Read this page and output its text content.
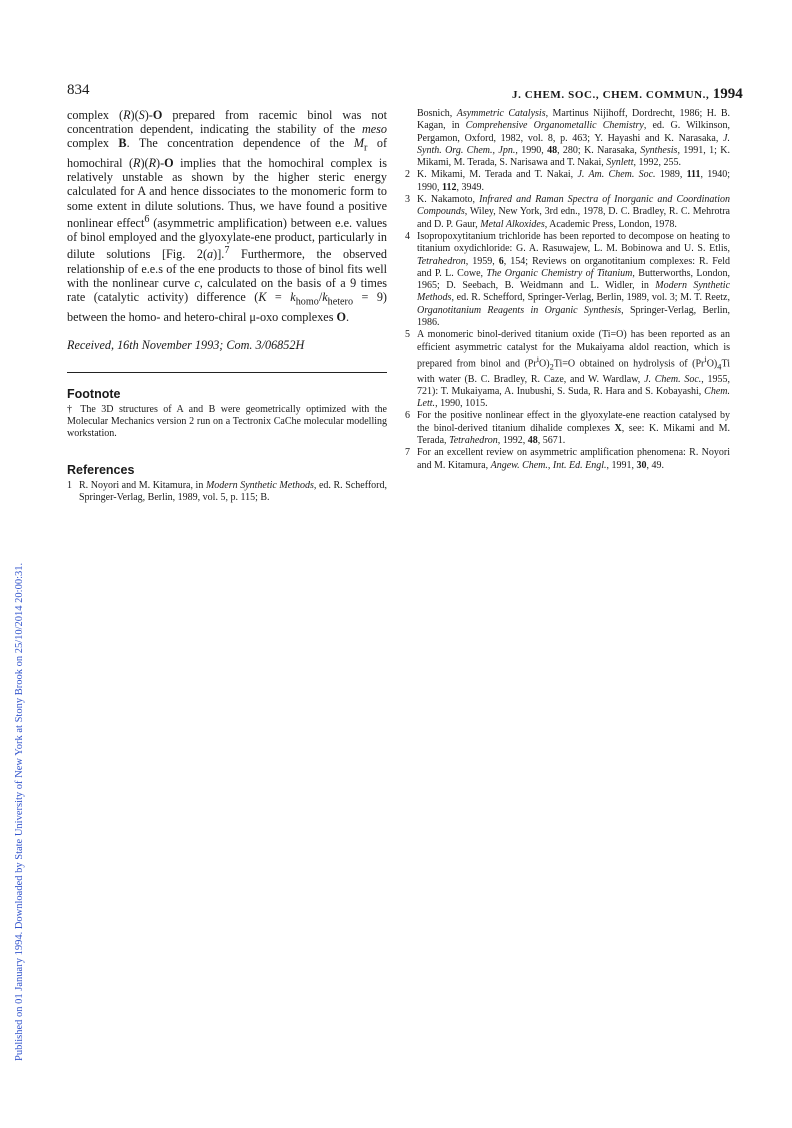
Published on 01 January 1994. Downloaded by State University of New York at Stony Brook on 25/10/2014 20:00:31.
834	J. CHEM. SOC., CHEM. COMMUN., 1994

complex (R)(S)-O prepared from racemic binol was not concentration dependent, indicating the stability of the meso complex B. The concentration dependence of the $M_r$ of homochiral (R)(R)-O implies that the homochiral complex is relatively unstable as shown by the higher steric energy calculated for A and hence dissociates to the monomeric form to some extent in dilute solutions. Thus, we have found a positive nonlinear effect$^6$ (asymmetric amplification) between e.e. values of binol employed and the glyoxylate-ene product, particularly in dilute solutions [Fig. 2(a)].$^7$ Furthermore, the observed relationship of e.e.s of the ene products to those of binol fits well with the nonlinear curve c, calculated on the basis of a 9 times rate (catalytic activity) difference $(K = k_{homo}/k_{hetero} = 9)$ between the homo- and hetero-chiral μ-oxo complexes O.

Received, 16th November 1993; Com. 3/06852H

Footnote

† The 3D structures of A and B were geometrically optimized with the Molecular Mechanics version 2 run on a Tectronix CaChe molecular modelling workstation.

References
1 R. Noyori and M. Kitamura, in Modern Synthetic Methods, ed. R. Schefford, Springer-Verlag, Berlin, 1989, vol. 5, p. 115; B.
Bosnich, Asymmetric Catalysis, Martinus Nijihoff, Dordrecht, 1986; H. B. Kagan, in Comprehensive Organometallic Chemistry, ed. G. Wilkinson, Pergamon, Oxford, 1982, vol. 8, p. 463; Y. Hayashi and K. Narasaka, J. Synth. Org. Chem., Jpn., 1990, 48, 280; K. Narasaka, Synthesis, 1991, 1; K. Mikami, M. Terada, S. Narisawa and T. Nakai, Synlett, 1992, 255.
2 K. Mikami, M. Terada and T. Nakai, J. Am. Chem. Soc. 1989, 111, 1940; 1990, 112, 3949.
3 K. Nakamoto, Infrared and Raman Spectra of Inorganic and Coordination Compounds, Wiley, New York, 3rd edn., 1978, D. C. Bradley, R. C. Mehrotra and D. P. Gaur, Metal Alkoxides, Academic Press, London, 1978.
4 Isopropoxytitanium trichloride has been reported to decompose on heating to titanium oxydichloride: G. A. Rasuwajew, L. M. Bobinowa and U. S. Etlis, Tetrahedron, 1959, 6, 154; Reviews on organotitanium complexes: R. Feld and P. L. Cowe, The Organic Chemistry of Titanium, Butterworths, London, 1965; D. Seebach, B. Weidmann and L. Widler, in Modern Synthetic Methods, ed. R. Schefford, Springer-Verlag, Berlin, 1989, vol. 3; M. T. Reetz, Organotitanium Reagents in Organic Synthesis, Springer-Verlag, Berlin, 1986.
5 A monomeric binol-derived titanium oxide (Ti=O) has been reported as an efficient asymmetric catalyst for the Mukaiyama aldol reaction, which is prepared from binol and $(Pr^iO)_2Ti=O$ obtained on hydrolysis of $(Pr^iO)_4Ti$ with water (B. C. Bradley, R. Caze, and W. Wardlaw, J. Chem. Soc., 1955, 721): T. Mukaiyama, A. Inubushi, S. Suda, R. Hara and S. Kobayashi, Chem. Lett., 1990, 1015.
6 For the positive nonlinear effect in the glyoxylate-ene reaction catalysed by the binol-derived titanium dihalide complexes X, see: K. Mikami and M. Terada, Tetrahedron, 1992, 48, 5671.
7 For an excellent review on asymmetric amplification phenomena: R. Noyori and M. Kitamura, Angew. Chem., Int. Ed. Engl., 1991, 30, 49.
